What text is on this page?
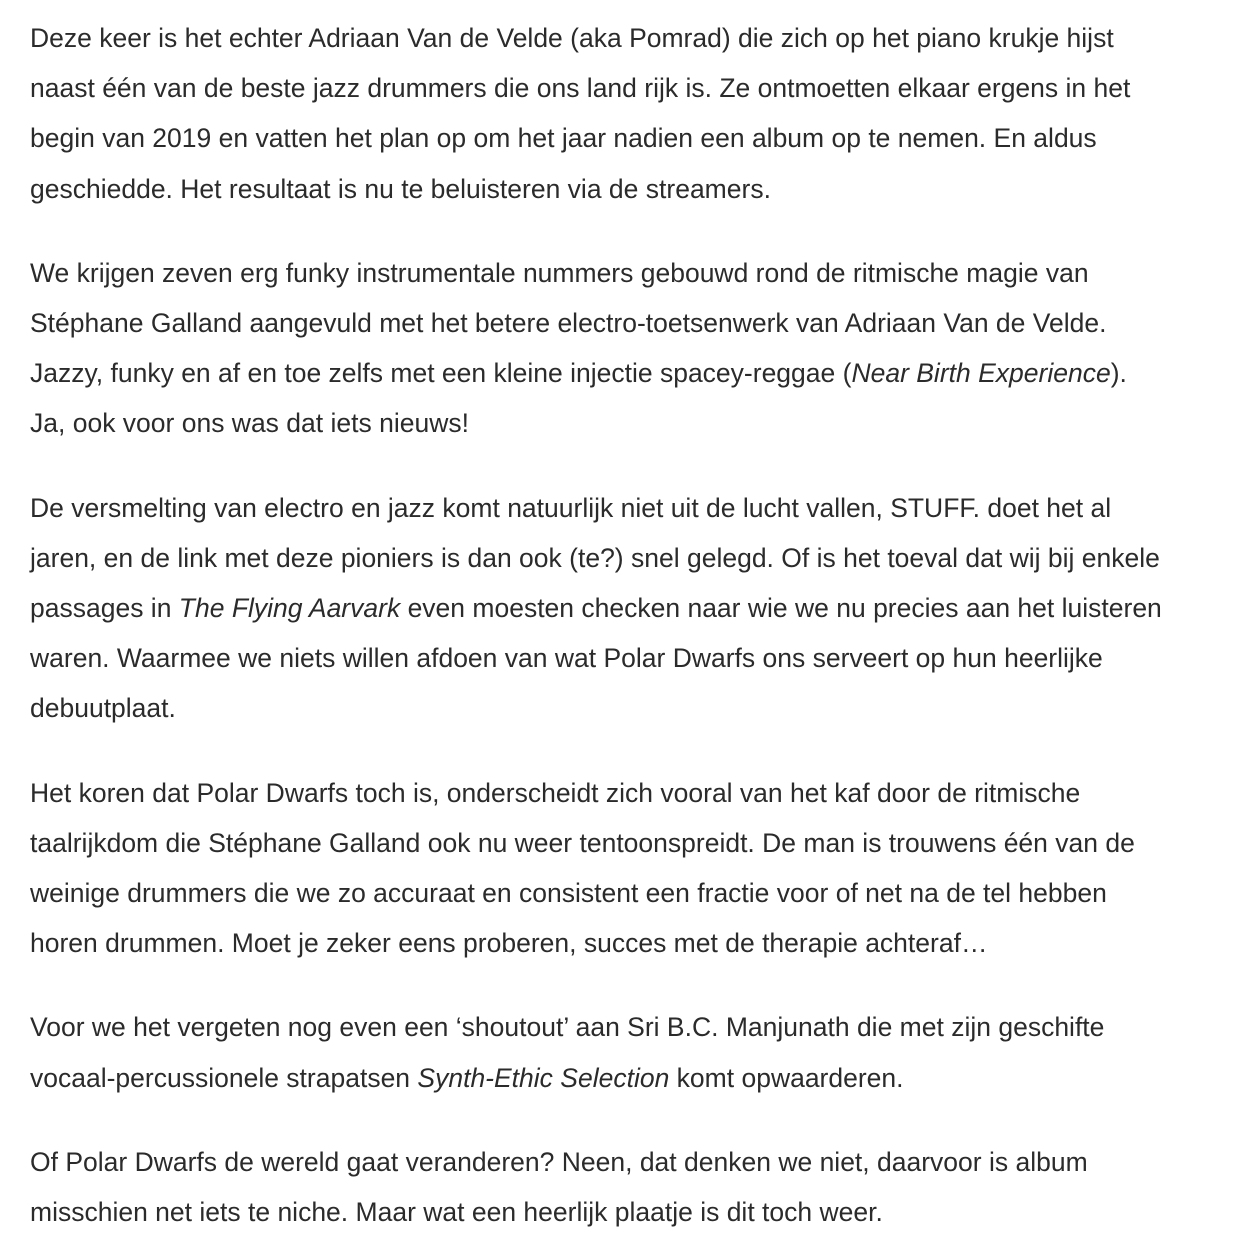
Deze keer is het echter Adriaan Van de Velde (aka Pomrad) die zich op het piano krukje hijst
naast één van de beste jazz drummers die ons land rijk is. Ze ontmoetten elkaar ergens in het
begin van 2019 en vatten het plan op om het jaar nadien een album op te nemen. En aldus
geschiedde. Het resultaat is nu te beluisteren via de streamers.

We krijgen zeven erg funky instrumentale nummers gebouwd rond de ritmische magie van
Stéphane Galland aangevuld met het betere electro-toetsenwerk van Adriaan Van de Velde.
Jazzy, funky en af en toe zelfs met een kleine injectie spacey-reggae (Near Birth Experience).
Ja, ook voor ons was dat iets nieuws!

De versmelting van electro en jazz komt natuurlijk niet uit de lucht vallen, STUFF. doet het al
jaren, en de link met deze pioniers is dan ook (te?) snel gelegd. Of is het toeval dat wij bij enkele
passages in The Flying Aarvark even moesten checken naar wie we nu precies aan het luisteren
waren. Waarmee we niets willen afdoen van wat Polar Dwarfs ons serveert op hun heerlijke
debuutplaat.

Het koren dat Polar Dwarfs toch is, onderscheidt zich vooral van het kaf door de ritmische
taalrijkdom die Stéphane Galland ook nu weer tentoonspreidt. De man is trouwens één van de
weinige drummers die we zo accuraat en consistent een fractie voor of net na de tel hebben
horen drummen. Moet je zeker eens proberen, succes met de therapie achteraf…

Voor we het vergeten nog even een ‘shoutout’ aan Sri B.C. Manjunath die met zijn geschifte
vocaal-percussionele strapatsen Synth-Ethic Selection komt opwaarderen.

Of Polar Dwarfs de wereld gaat veranderen? Neen, dat denken we niet, daarvoor is album
misschien net iets te niche. Maar wat een heerlijk plaatje is dit toch weer.
